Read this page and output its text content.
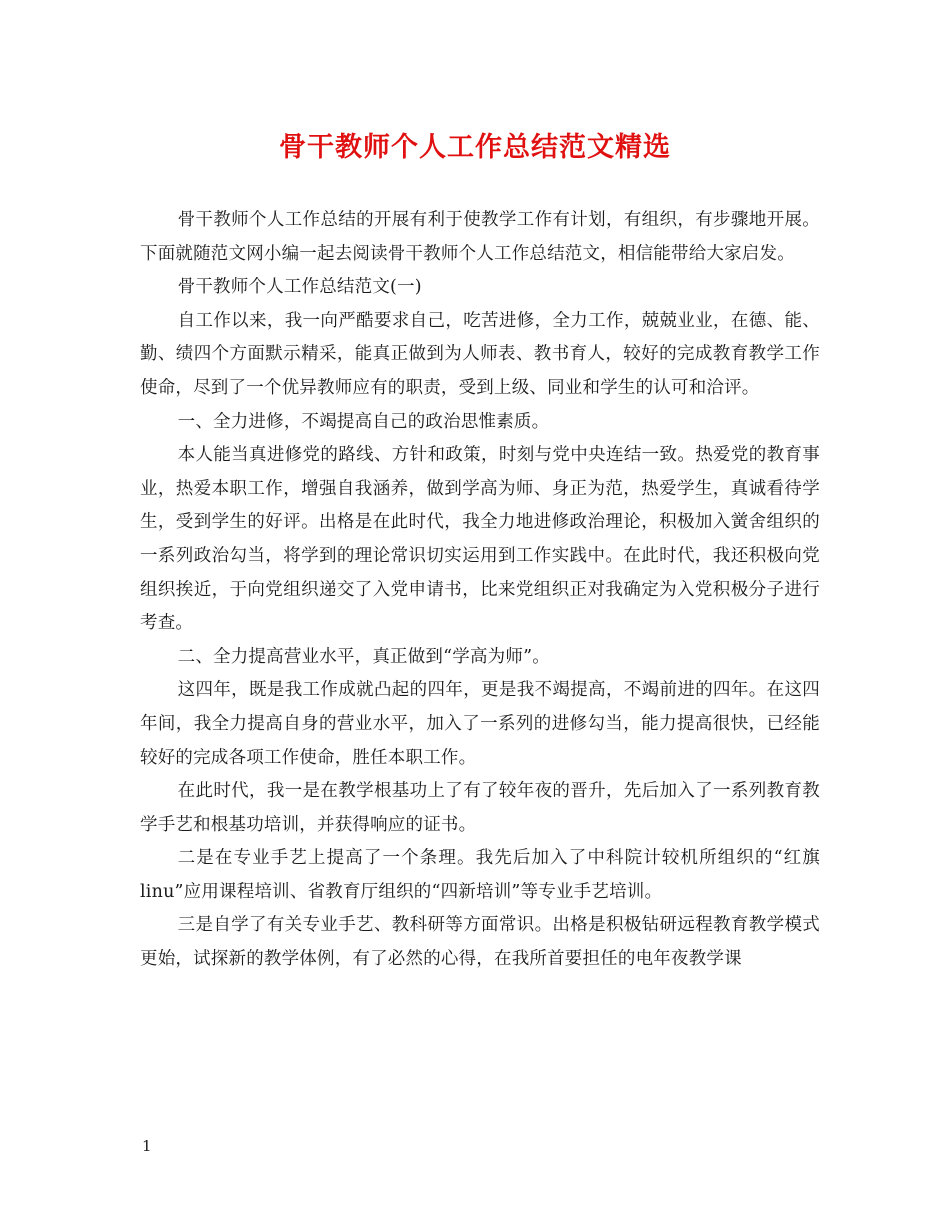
骨干教师个人工作总结范文精选

骨干教师个人工作总结的开展有利于使教学工作有计划，有组织，有步骤地开展。下面就随范文网小编一起去阅读骨干教师个人工作总结范文，相信能带给大家启发。

骨干教师个人工作总结范文(一)

自工作以来，我一向严酷要求自己，吃苦进修，全力工作，兢兢业业，在德、能、勤、绩四个方面默示精采，能真正做到为人师表、教书育人，较好的完成教育教学工作使命，尽到了一个优异教师应有的职责，受到上级、同业和学生的认可和洽评。

一、全力进修，不竭提高自己的政治思惟素质。

本人能当真进修党的路线、方针和政策，时刻与党中央连结一致。热爱党的教育事业，热爱本职工作，增强自我涵养，做到学高为师、身正为范，热爱学生，真诚看待学生，受到学生的好评。出格是在此时代，我全力地进修政治理论，积极加入黉舍组织的一系列政治勾当，将学到的理论常识切实运用到工作实践中。在此时代，我还积极向党组织挨近，于向党组织递交了入党申请书，比来党组织正对我确定为入党积极分子进行考查。

二、全力提高营业水平，真正做到“学高为师”。

这四年，既是我工作成就凸起的四年，更是我不竭提高，不竭前进的四年。在这四年间，我全力提高自身的营业水平，加入了一系列的进修勾当，能力提高很快，已经能较好的完成各项工作使命，胜任本职工作。

在此时代，我一是在教学根基功上了有了较年夜的晋升，先后加入了一系列教育教学手艺和根基功培训，并获得响应的证书。

二是在专业手艺上提高了一个条理。我先后加入了中科院计较机所组织的“红旗linu”应用课程培训、省教育厅组织的“四新培训”等专业手艺培训。

三是自学了有关专业手艺、教科研等方面常识。出格是积极钻研远程教育教学模式更始，试探新的教学体例，有了必然的心得，在我所首要担任的电年夜教学课

1
